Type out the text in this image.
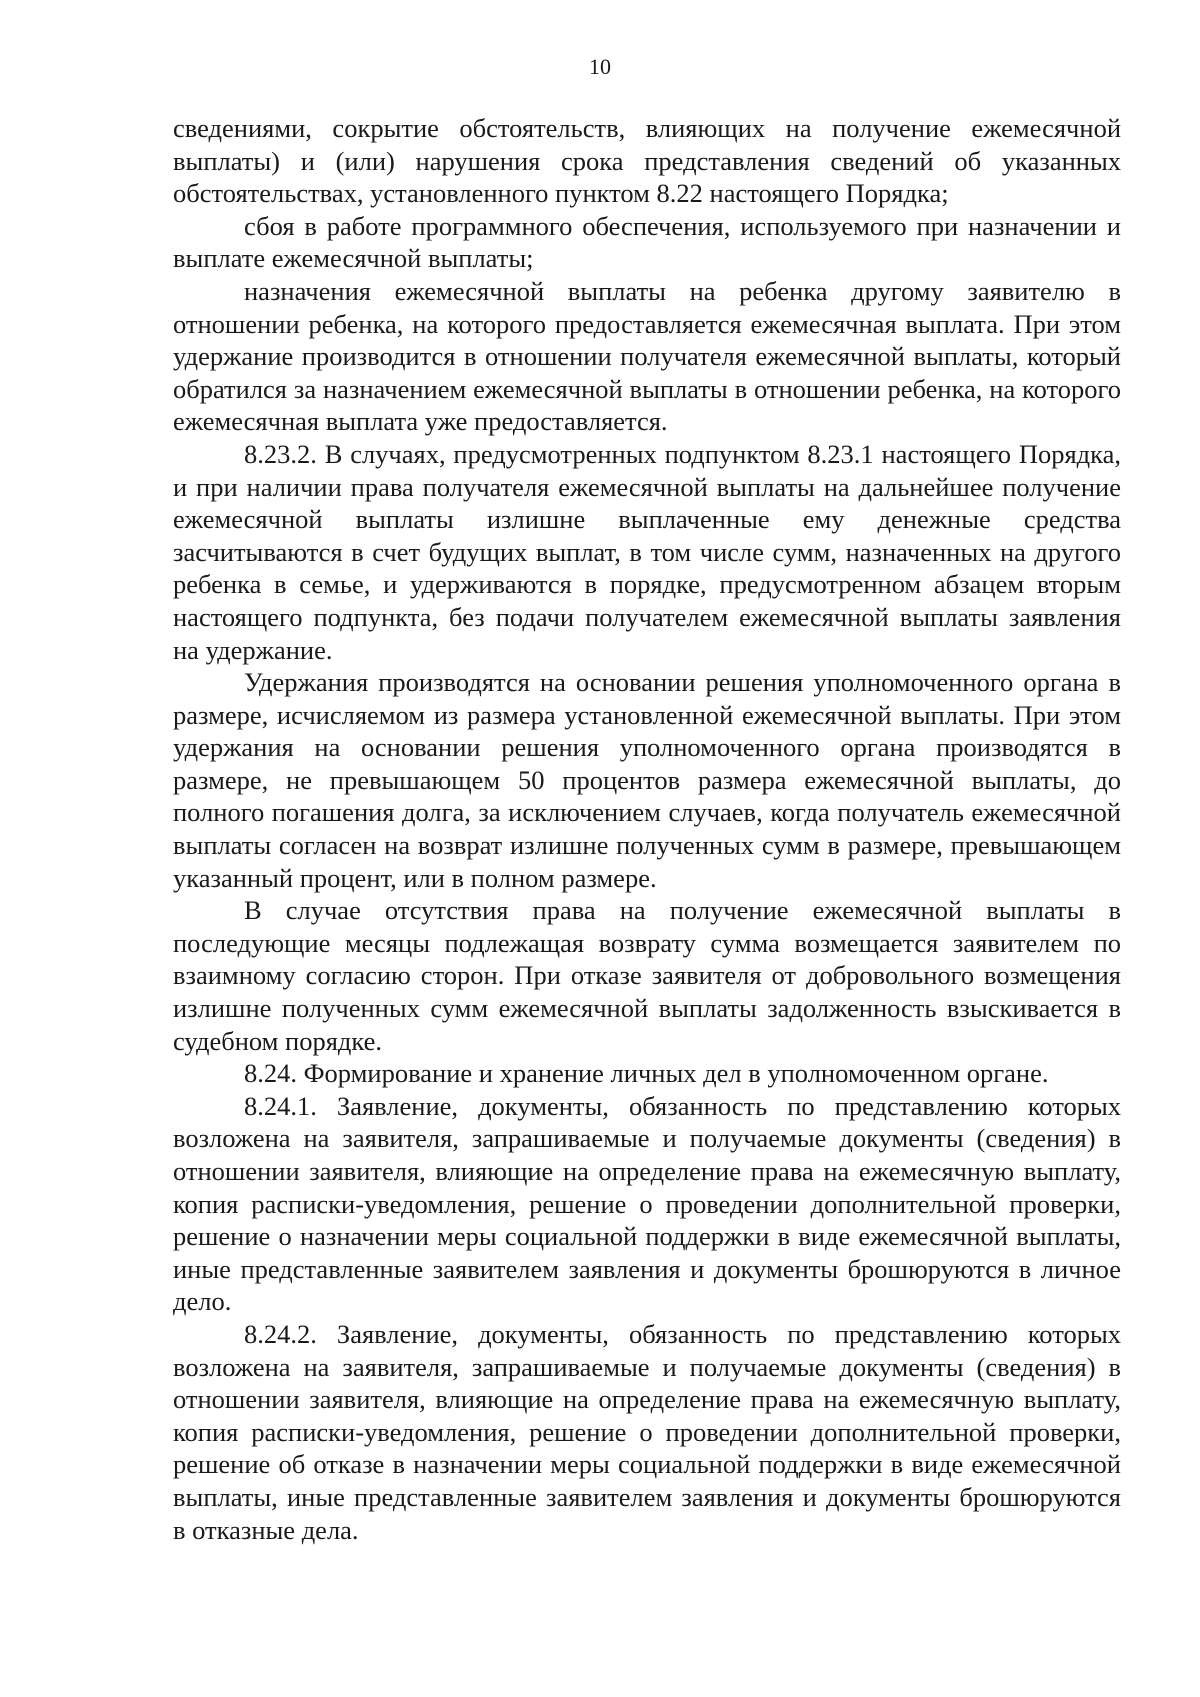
10

сведениями, сокрытие обстоятельств, влияющих на получение ежемесячной выплаты) и (или) нарушения срока представления сведений об указанных обстоятельствах, установленного пунктом 8.22 настоящего Порядка;

сбоя в работе программного обеспечения, используемого при назначении и выплате ежемесячной выплаты;

назначения ежемесячной выплаты на ребенка другому заявителю в отношении ребенка, на которого предоставляется ежемесячная выплата. При этом удержание производится в отношении получателя ежемесячной выплаты, который обратился за назначением ежемесячной выплаты в отношении ребенка, на которого ежемесячная выплата уже предоставляется.

8.23.2. В случаях, предусмотренных подпунктом 8.23.1 настоящего Порядка, и при наличии права получателя ежемесячной выплаты на дальнейшее получение ежемесячной выплаты излишне выплаченные ему денежные средства засчитываются в счет будущих выплат, в том числе сумм, назначенных на другого ребенка в семье, и удерживаются в порядке, предусмотренном абзацем вторым настоящего подпункта, без подачи получателем ежемесячной выплаты заявления на удержание.

Удержания производятся на основании решения уполномоченного органа в размере, исчисляемом из размера установленной ежемесячной выплаты. При этом удержания на основании решения уполномоченного органа производятся в размере, не превышающем 50 процентов размера ежемесячной выплаты, до полного погашения долга, за исключением случаев, когда получатель ежемесячной выплаты согласен на возврат излишне полученных сумм в размере, превышающем указанный процент, или в полном размере.

В случае отсутствия права на получение ежемесячной выплаты в последующие месяцы подлежащая возврату сумма возмещается заявителем по взаимному согласию сторон. При отказе заявителя от добровольного возмещения излишне полученных сумм ежемесячной выплаты задолженность взыскивается в судебном порядке.

8.24. Формирование и хранение личных дел в уполномоченном органе.

8.24.1. Заявление, документы, обязанность по представлению которых возложена на заявителя, запрашиваемые и получаемые документы (сведения) в отношении заявителя, влияющие на определение права на ежемесячную выплату, копия расписки-уведомления, решение о проведении дополнительной проверки, решение о назначении меры социальной поддержки в виде ежемесячной выплаты, иные представленные заявителем заявления и документы брошюруются в личное дело.

8.24.2. Заявление, документы, обязанность по представлению которых возложена на заявителя, запрашиваемые и получаемые документы (сведения) в отношении заявителя, влияющие на определение права на ежемесячную выплату, копия расписки-уведомления, решение о проведении дополнительной проверки, решение об отказе в назначении меры социальной поддержки в виде ежемесячной выплаты, иные представленные заявителем заявления и документы брошюруются в отказные дела.
